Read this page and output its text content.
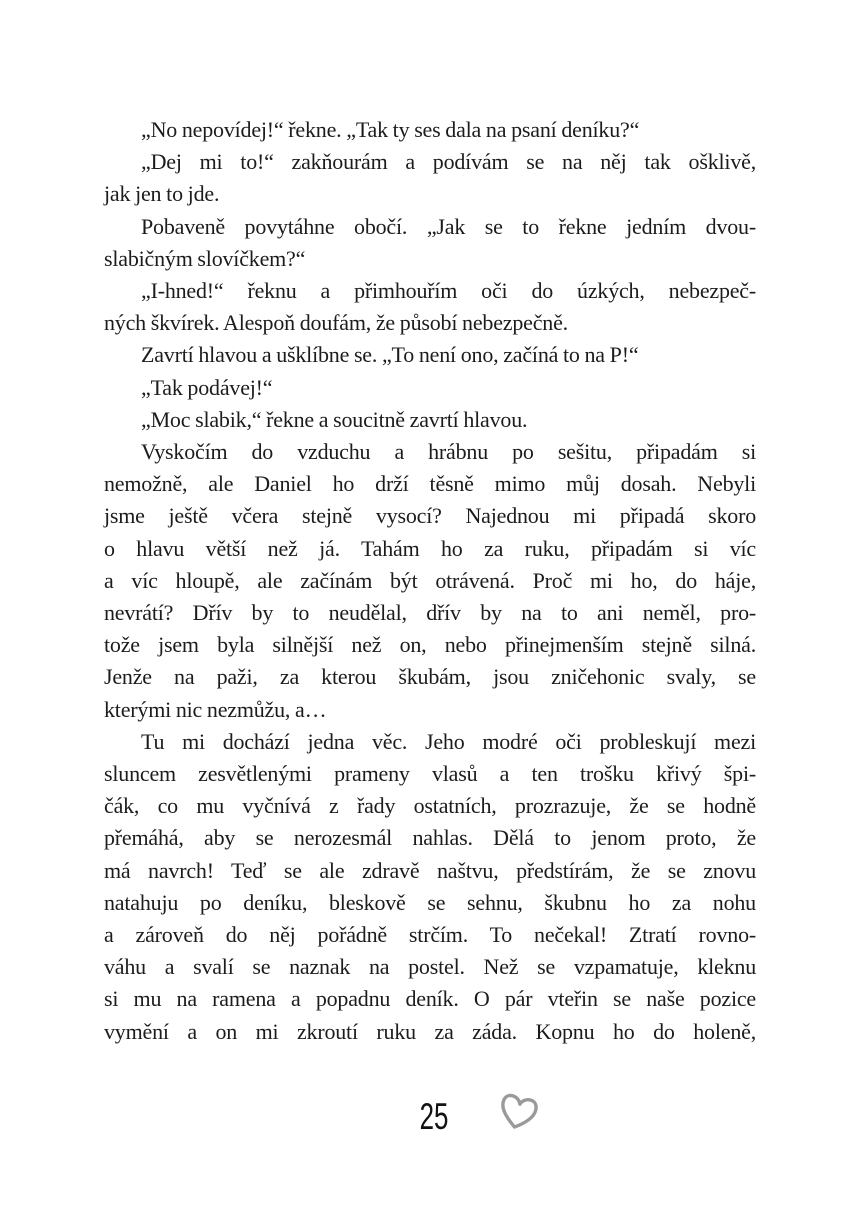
„No nepovídej!“ řekne. „Tak ty ses dala na psaní deníku?“
„Dej mi to!“ zakňourám a podívám se na něj tak ošklivě,
jak jen to jde.
Pobaveně povytáhne obočí. „Jak se to řekne jedním dvou-
slabičným slovíčkem?“
„I-hned!“ řeknu a přimhouřím oči do úzkých, nebezpeč-
ných škvírek. Alespoň doufám, že působí nebezpečně.
Zavrtí hlavou a ušklíbne se. „To není ono, začíná to na P!“
„Tak podávej!“
„Moc slabik,“ řekne a soucitně zavrtí hlavou.
Vyskočím do vzduchu a hrábnu po sešitu, připadám si
nemožně, ale Daniel ho drží těsně mimo můj dosah. Nebyli
jsme ještě včera stejně vysocí? Najednou mi připadá skoro
o hlavu větší než já. Tahám ho za ruku, připadám si víc
a víc hloupě, ale začínám být otrávená. Proč mi ho, do háje,
nevrátí? Dřív by to neudělal, dřív by na to ani neměl, pro-
tože jsem byla silnější než on, nebo přinejmenším stejně silná.
Jenže na paži, za kterou škubám, jsou zničehonic svaly, se
kterými nic nezmůžu, a…
Tu mi dochází jedna věc. Jeho modré oči probleskují mezi
sluncem zesvětlenými prameny vlasů a ten trošku křivý špi-
čák, co mu vyčnívá z řady ostatních, prozrazuje, že se hodně
přemáhá, aby se nerozesmál nahlas. Dělá to jenom proto, že
má navrch! Teď se ale zdravě naštvu, předstírám, že se znovu
natahuju po deníku, bleskově se sehnu, škubnu ho za nohu
a zároveň do něj pořádně strčím. To nečekal! Ztratí rovno-
váhu a svalí se naznak na postel. Než se vzpamatuje, kleknu
si mu na ramena a popadnu deník. O pár vteřin se naše pozice
vymění a on mi zkroutí ruku za záda. Kopnu ho do holeně,
25
